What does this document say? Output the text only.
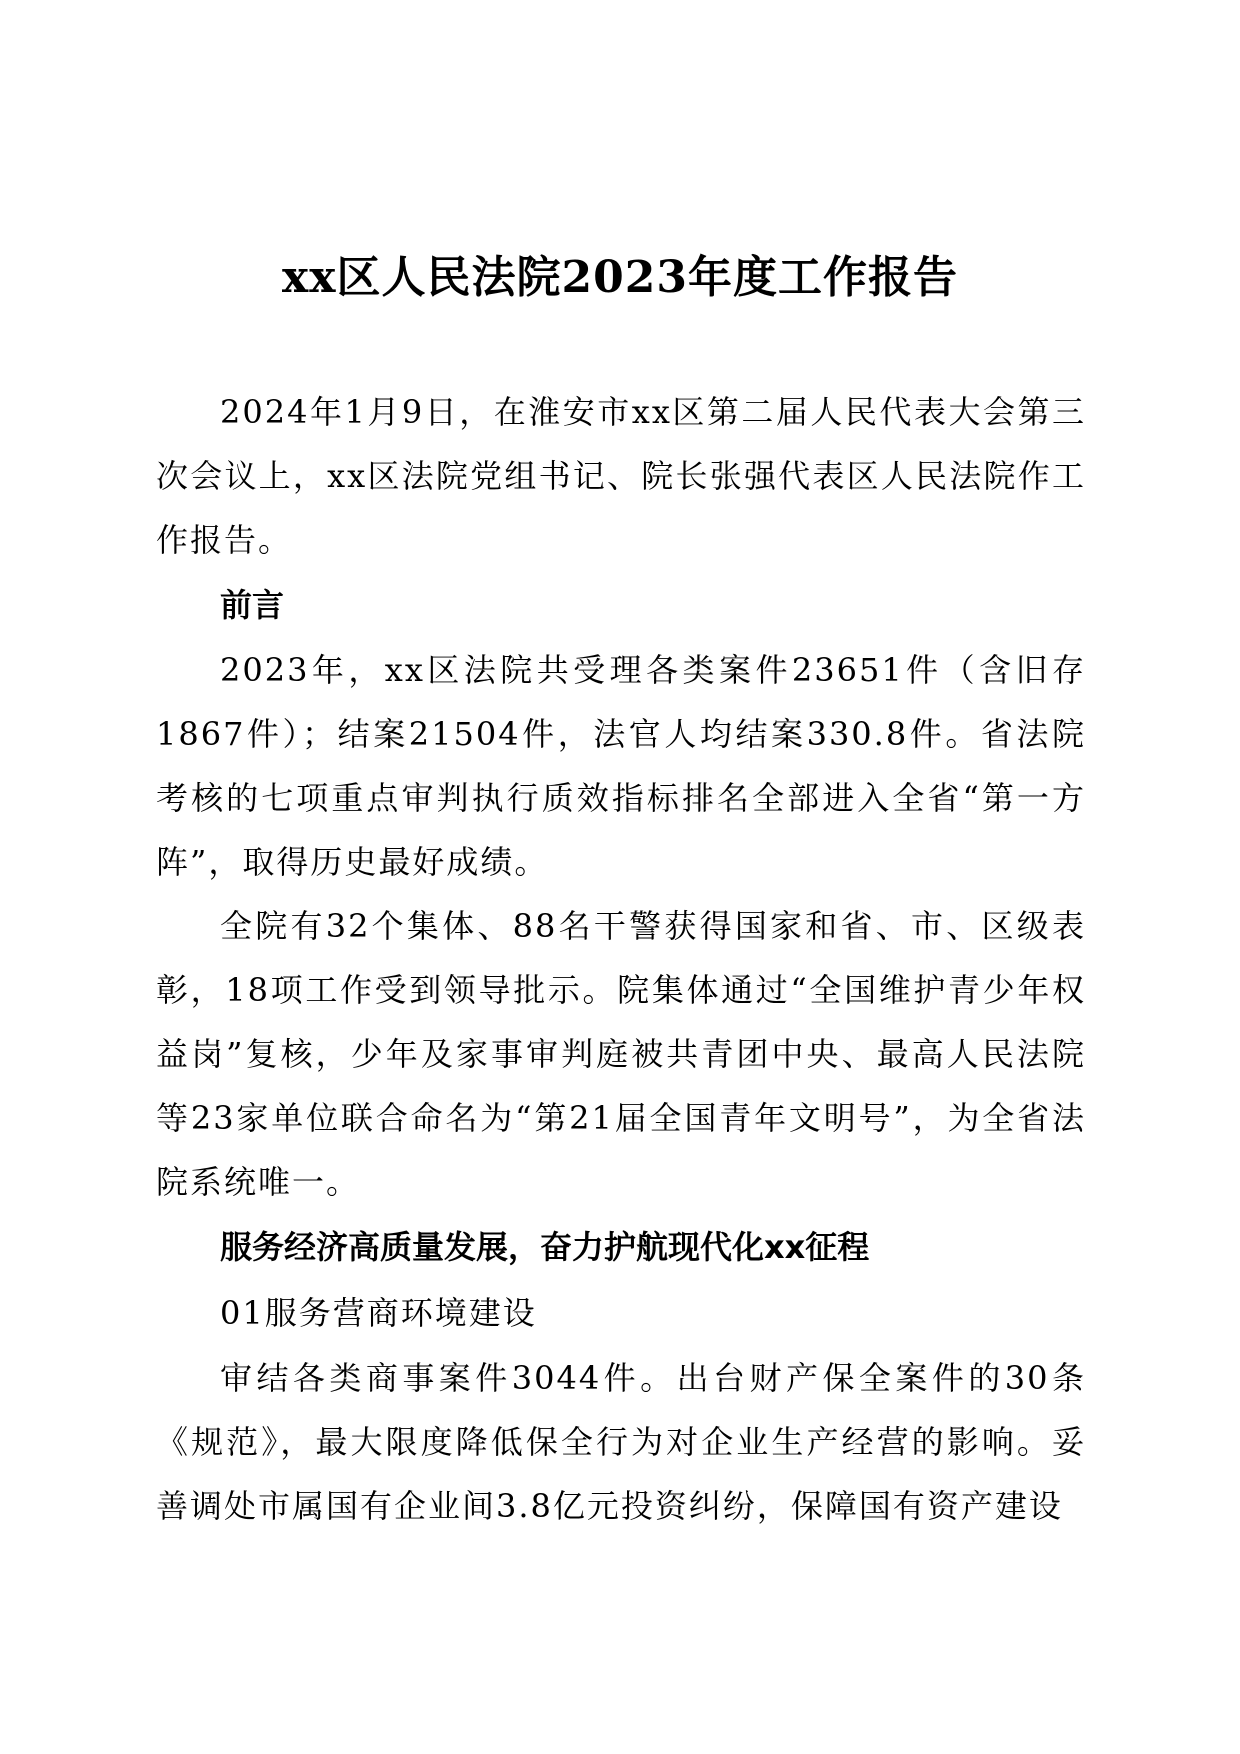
xx区人民法院2023年度工作报告

2024年1月9日，在淮安市xx区第二届人民代表大会第三次会议上，xx区法院党组书记、院长张强代表区人民法院作工作报告。

前言

2023年，xx区法院共受理各类案件23651件（含旧存1867件）；结案21504件，法官人均结案330.8件。省法院考核的七项重点审判执行质效指标排名全部进入全省“第一方阵”，取得历史最好成绩。

全院有32个集体、88名干警获得国家和省、市、区级表彰，18项工作受到领导批示。院集体通过“全国维护青少年权益岗”复核，少年及家事审判庭被共青团中央、最高人民法院等23家单位联合命名为“第21届全国青年文明号”，为全省法院系统唯一。

服务经济高质量发展，奋力护航现代化xx征程

01服务营商环境建设

审结各类商事案件3044件。出台财产保全案件的30条《规范》，最大限度降低保全行为对企业生产经营的影响。妥善调处市属国有企业间3.8亿元投资纠纷，保障国有资产建设
